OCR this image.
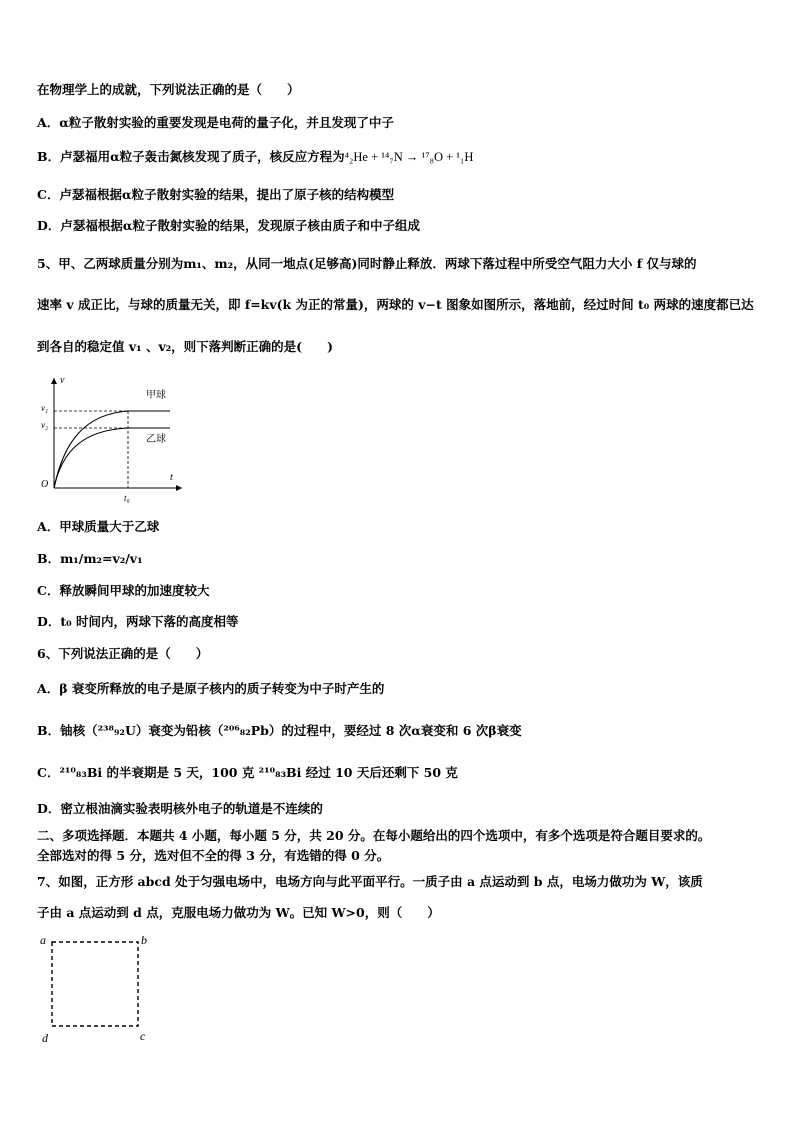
在物理学上的成就，下列说法正确的是（　　）
A．α粒子散射实验的重要发现是电荷的量子化，并且发现了中子
B．卢瑟福用α粒子轰击氮核发现了质子，核反应方程为⁴₂He + ¹⁴₇N → ¹⁷₈O + ¹₁H
C．卢瑟福根据α粒子散射实验的结果，提出了原子核的结构模型
D．卢瑟福根据α粒子散射实验的结果，发现原子核由质子和中子组成
5、甲、乙两球质量分别为m₁、m₂，从同一地点(足够高)同时静止释放．两球下落过程中所受空气阻力大小 f 仅与球的
速率 v 成正比，与球的质量无关，即 f=kv(k 为正的常量)，两球的 v−t 图象如图所示，落地前，经过时间 t₀ 两球的速度都已达
到各自的稳定值 v₁ 、v₂，则下落判断正确的是(　　)
v
t
O
v₁
v₂
t₀
甲球
乙球
A．甲球质量大于乙球
B．m₁/m₂=v₂/v₁
C．释放瞬间甲球的加速度较大
D．t₀ 时间内，两球下落的高度相等
6、下列说法正确的是（　　）
A．β 衰变所释放的电子是原子核内的质子转变为中子时产生的
B．铀核（²³⁸₉₂U）衰变为铅核（²⁰⁶₈₂Pb）的过程中，要经过 8 次α衰变和 6 次β衰变
C．²¹⁰₈₃Bi 的半衰期是 5 天，100 克 ²¹⁰₈₃Bi 经过 10 天后还剩下 50 克
D．密立根油滴实验表明核外电子的轨道是不连续的
二、多项选择题．本题共 4 小题，每小题 5 分，共 20 分。在每小题给出的四个选项中，有多个选项是符合题目要求的。
全部选对的得 5 分，选对但不全的得 3 分，有选错的得 0 分。
7、如图，正方形 abcd 处于匀强电场中，电场方向与此平面平行。一质子由 a 点运动到 b 点，电场力做功为 W，该质
子由 a 点运动到 d 点，克服电场力做功为 W。已知 W>0，则（　　）
a	b
c
d
